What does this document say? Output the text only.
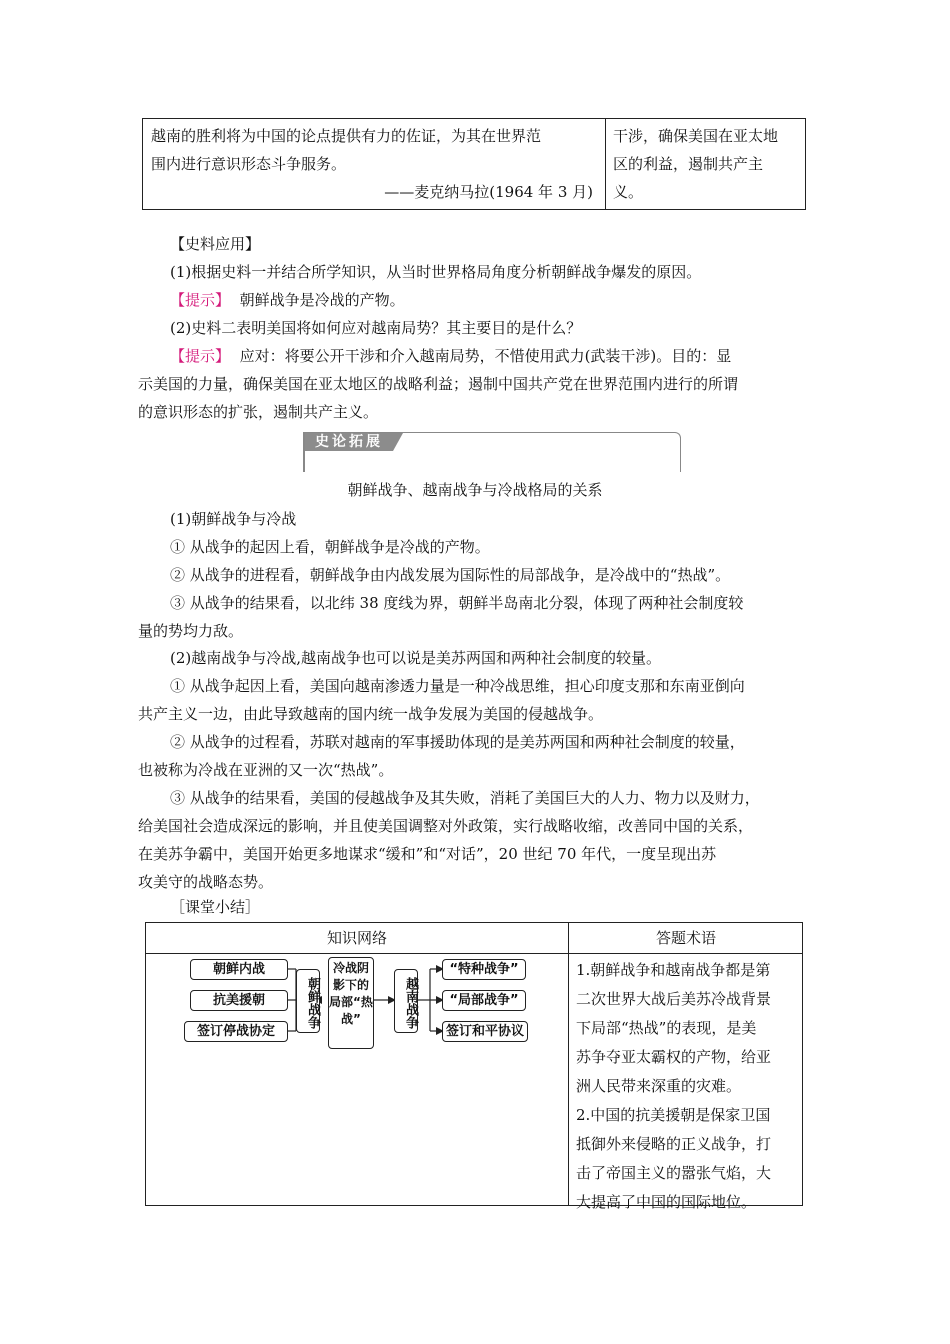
越南的胜利将为中国的论点提供有力的佐证，为其在世界范

围内进行意识形态斗争服务。

——麦克纳马拉(1964 年 3 月)

干涉，确保美国在亚太地

区的利益，遏制共产主

义。

【史料应用】

(1)根据史料一并结合所学知识，从当时世界格局角度分析朝鲜战争爆发的原因。

【提示】 朝鲜战争是冷战的产物。

(2)史料二表明美国将如何应对越南局势？其主要目的是什么？

【提示】 应对：将要公开干涉和介入越南局势，不惜使用武力(武装干涉)。目的：显

示美国的力量，确保美国在亚太地区的战略利益；遏制中国共产党在世界范围内进行的所谓

的意识形态的扩张，遏制共产主义。

史论拓展

朝鲜战争、越南战争与冷战格局的关系

(1)朝鲜战争与冷战

① 从战争的起因上看，朝鲜战争是冷战的产物。

② 从战争的进程看，朝鲜战争由内战发展为国际性的局部战争，是冷战中的“热战”。

③ 从战争的结果看，以北纬 38 度线为界，朝鲜半岛南北分裂，体现了两种社会制度较

量的势均力敌。

(2)越南战争与冷战,越南战争也可以说是美苏两国和两种社会制度的较量。

① 从战争起因上看，美国向越南渗透力量是一种冷战思维，担心印度支那和东南亚倒向

共产主义一边，由此导致越南的国内统一战争发展为美国的侵越战争。

② 从战争的过程看，苏联对越南的军事援助体现的是美苏两国和两种社会制度的较量，

也被称为冷战在亚洲的又一次“热战”。

③ 从战争的结果看，美国的侵越战争及其失败，消耗了美国巨大的人力、物力以及财力，

给美国社会造成深远的影响，并且使美国调整对外政策，实行战略收缩，改善同中国的关系，

在美苏争霸中，美国开始更多地谋求“缓和”和“对话”，20 世纪 70 年代，一度呈现出苏

攻美守的战略态势。

［课堂小结］

知识网络	答题术语
朝鲜内战
抗美援朝
签订停战协定
朝鲜战争
冷战阴影下的局部“热战”	越南战争
“特种战争”
“局部战争”
签订和平协议

1.朝鲜战争和越南战争都是第

二次世界大战后美苏冷战背景

下局部“热战”的表现，是美

苏争夺亚太霸权的产物，给亚

洲人民带来深重的灾难。

2.中国的抗美援朝是保家卫国

抵御外来侵略的正义战争，打

击了帝国主义的嚣张气焰，大

大提高了中国的国际地位。
